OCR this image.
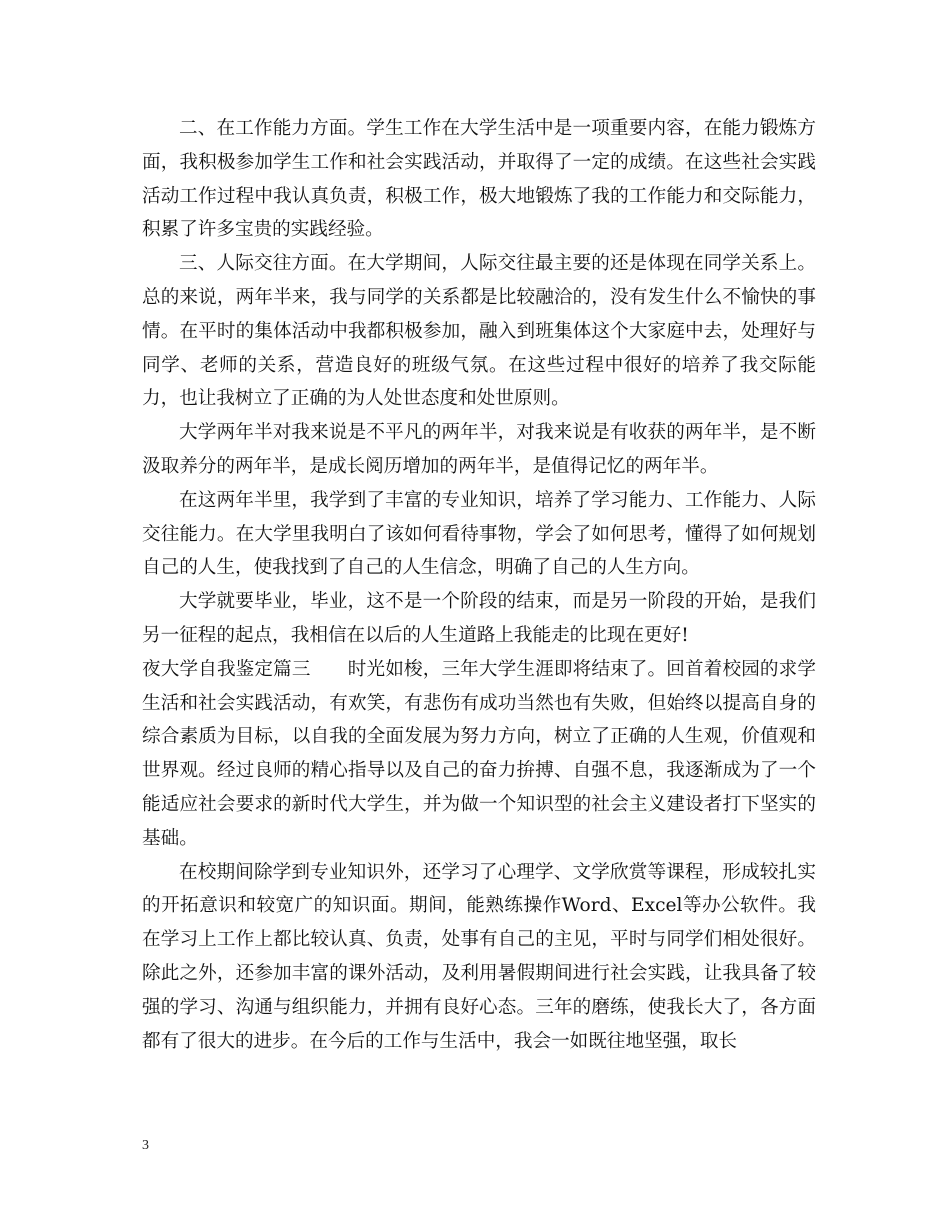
二、在工作能力方面。学生工作在大学生活中是一项重要内容，在能力锻炼方面，我积极参加学生工作和社会实践活动，并取得了一定的成绩。在这些社会实践活动工作过程中我认真负责，积极工作，极大地锻炼了我的工作能力和交际能力，积累了许多宝贵的实践经验。

三、人际交往方面。在大学期间，人际交往最主要的还是体现在同学关系上。总的来说，两年半来，我与同学的关系都是比较融洽的，没有发生什么不愉快的事情。在平时的集体活动中我都积极参加，融入到班集体这个大家庭中去，处理好与同学、老师的关系，营造良好的班级气氛。在这些过程中很好的培养了我交际能力，也让我树立了正确的为人处世态度和处世原则。

大学两年半对我来说是不平凡的两年半，对我来说是有收获的两年半，是不断汲取养分的两年半，是成长阅历增加的两年半，是值得记忆的两年半。

在这两年半里，我学到了丰富的专业知识，培养了学习能力、工作能力、人际交往能力。在大学里我明白了该如何看待事物，学会了如何思考，懂得了如何规划自己的人生，使我找到了自己的人生信念，明确了自己的人生方向。

大学就要毕业，毕业，这不是一个阶段的结束，而是另一阶段的开始，是我们另一征程的起点，我相信在以后的人生道路上我能走的比现在更好!

夜大学自我鉴定篇三 时光如梭，三年大学生涯即将结束了。回首着校园的求学生活和社会实践活动，有欢笑，有悲伤有成功当然也有失败，但始终以提高自身的综合素质为目标，以自我的全面发展为努力方向，树立了正确的人生观，价值观和世界观。经过良师的精心指导以及自己的奋力拚搏、自强不息，我逐渐成为了一个能适应社会要求的新时代大学生，并为做一个知识型的社会主义建设者打下坚实的基础。

在校期间除学到专业知识外，还学习了心理学、文学欣赏等课程，形成较扎实的开拓意识和较宽广的知识面。期间，能熟练操作Word、Excel等办公软件。我在学习上工作上都比较认真、负责，处事有自己的主见，平时与同学们相处很好。除此之外，还参加丰富的课外活动，及利用暑假期间进行社会实践，让我具备了较强的学习、沟通与组织能力，并拥有良好心态。三年的磨练，使我长大了，各方面都有了很大的进步。在今后的工作与生活中，我会一如既往地坚强，取长

3
